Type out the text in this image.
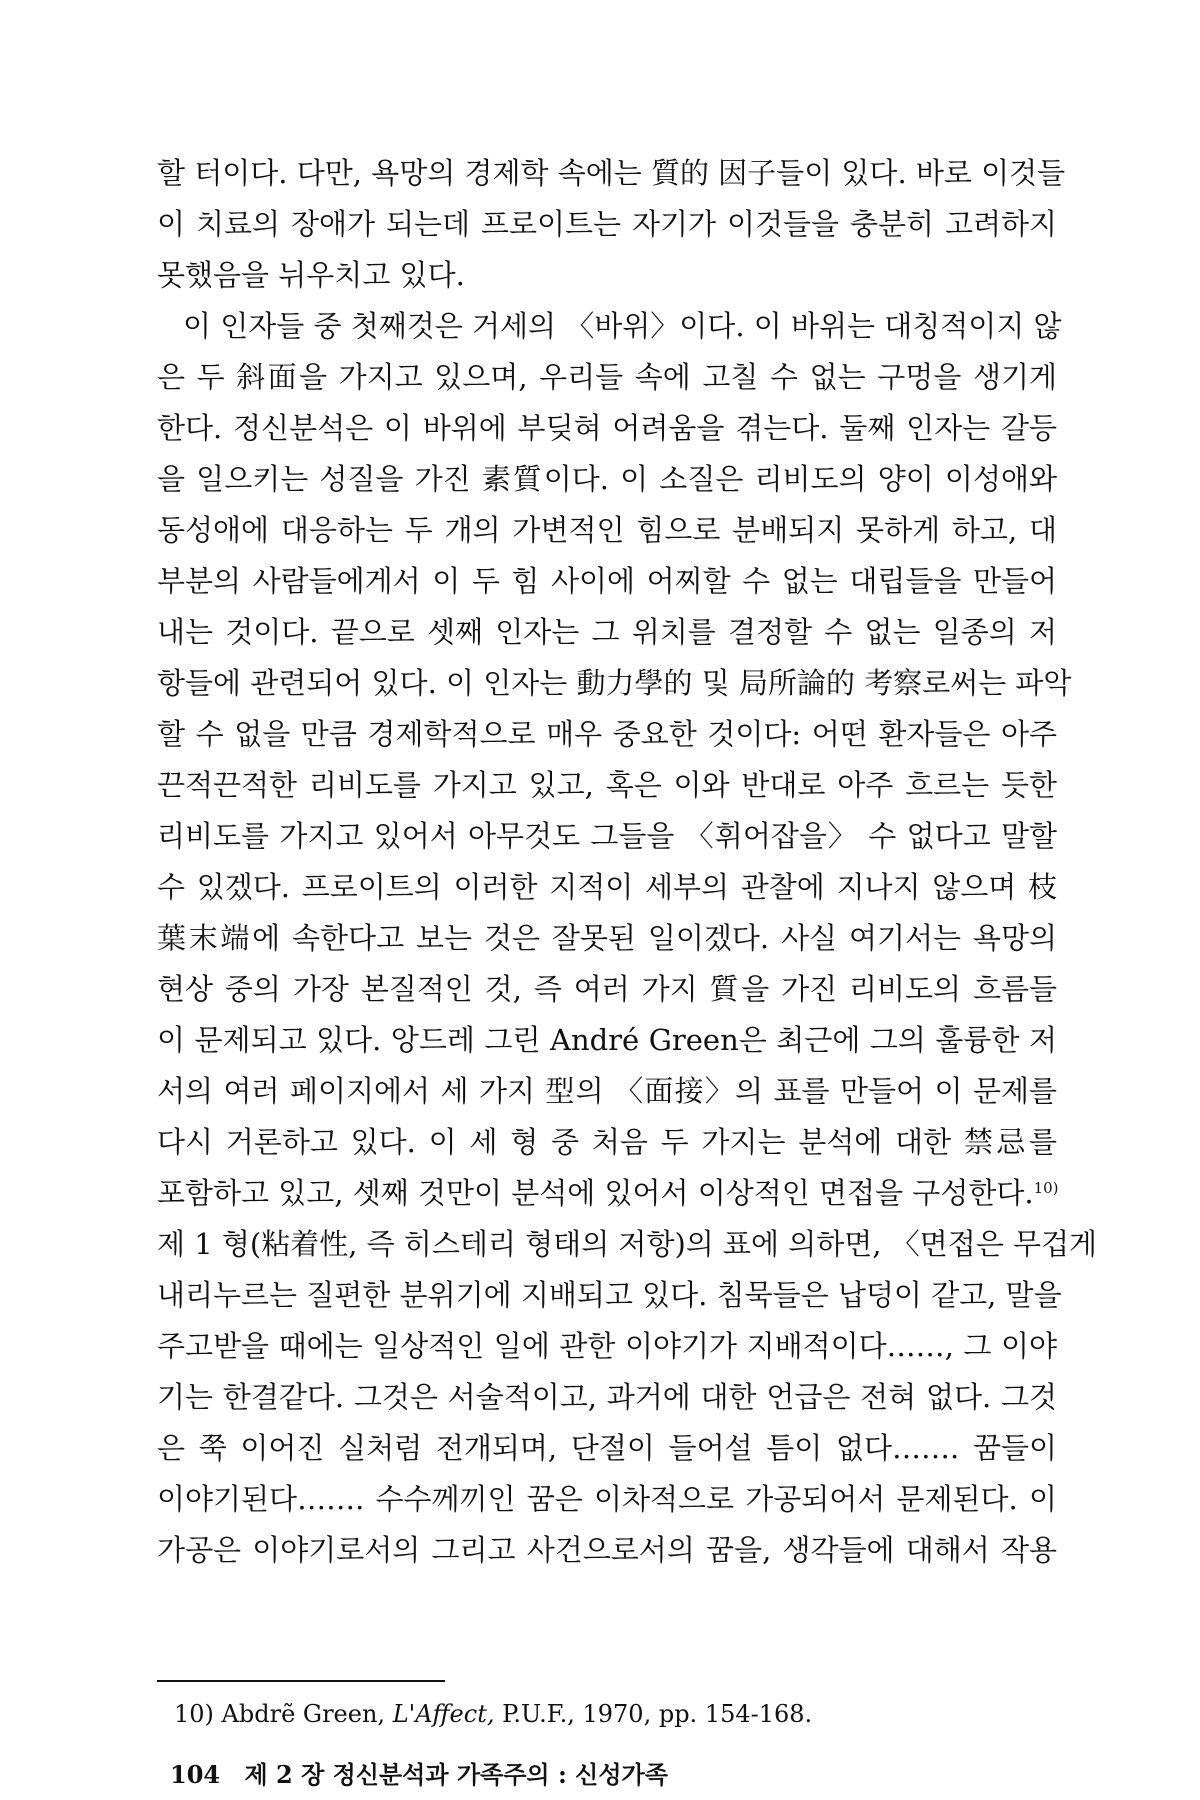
할 터이다. 다만, 욕망의 경제학 속에는 質的 因子들이 있다. 바로 이것들
이 치료의 장애가 되는데 프로이트는 자기가 이것들을 충분히 고려하지
못했음을 뉘우치고 있다.
이 인자들 중 첫째것은 거세의 〈바위〉이다. 이 바위는 대칭적이지 않
은 두 斜面을 가지고 있으며, 우리들 속에 고칠 수 없는 구멍을 생기게
한다. 정신분석은 이 바위에 부딪혀 어려움을 겪는다. 둘째 인자는 갈등
을 일으키는 성질을 가진 素質이다. 이 소질은 리비도의 양이 이성애와
동성애에 대응하는 두 개의 가변적인 힘으로 분배되지 못하게 하고, 대
부분의 사람들에게서 이 두 힘 사이에 어찌할 수 없는 대립들을 만들어
내는 것이다. 끝으로 셋째 인자는 그 위치를 결정할 수 없는 일종의 저
항들에 관련되어 있다. 이 인자는 動力學的 및 局所論的 考察로써는 파악
할 수 없을 만큼 경제학적으로 매우 중요한 것이다: 어떤 환자들은 아주
끈적끈적한 리비도를 가지고 있고, 혹은 이와 반대로 아주 흐르는 듯한
리비도를 가지고 있어서 아무것도 그들을 〈휘어잡을〉 수 없다고 말할
수 있겠다. 프로이트의 이러한 지적이 세부의 관찰에 지나지 않으며 枝
葉末端에 속한다고 보는 것은 잘못된 일이겠다. 사실 여기서는 욕망의
현상 중의 가장 본질적인 것, 즉 여러 가지 質을 가진 리비도의 흐름들
이 문제되고 있다. 앙드레 그린 André Green은 최근에 그의 훌륭한 저
서의 여러 페이지에서 세 가지 型의 〈面接〉의 표를 만들어 이 문제를
다시 거론하고 있다. 이 세 형 중 처음 두 가지는 분석에 대한 禁忌를
포함하고 있고, 셋째 것만이 분석에 있어서 이상적인 면접을 구성한다.$^{10)}$
제 1 형(粘着性, 즉 히스테리 형태의 저항)의 표에 의하면, 〈면접은 무겁게
내리누르는 질편한 분위기에 지배되고 있다. 침묵들은 납덩이 같고, 말을
주고받을 때에는 일상적인 일에 관한 이야기가 지배적이다……, 그 이야
기는 한결같다. 그것은 서술적이고, 과거에 대한 언급은 전혀 없다. 그것
은 쭉 이어진 실처럼 전개되며, 단절이 들어설 틈이 없다……. 꿈들이
이야기된다……. 수수께끼인 꿈은 이차적으로 가공되어서 문제된다. 이
가공은 이야기로서의 그리고 사건으로서의 꿈을, 생각들에 대해서 작용
10) Abdrẽ Green, L'Affect, P.U.F., 1970, pp. 154-168.
104 제 2 장 정신분석과 가족주의 : 신성가족
